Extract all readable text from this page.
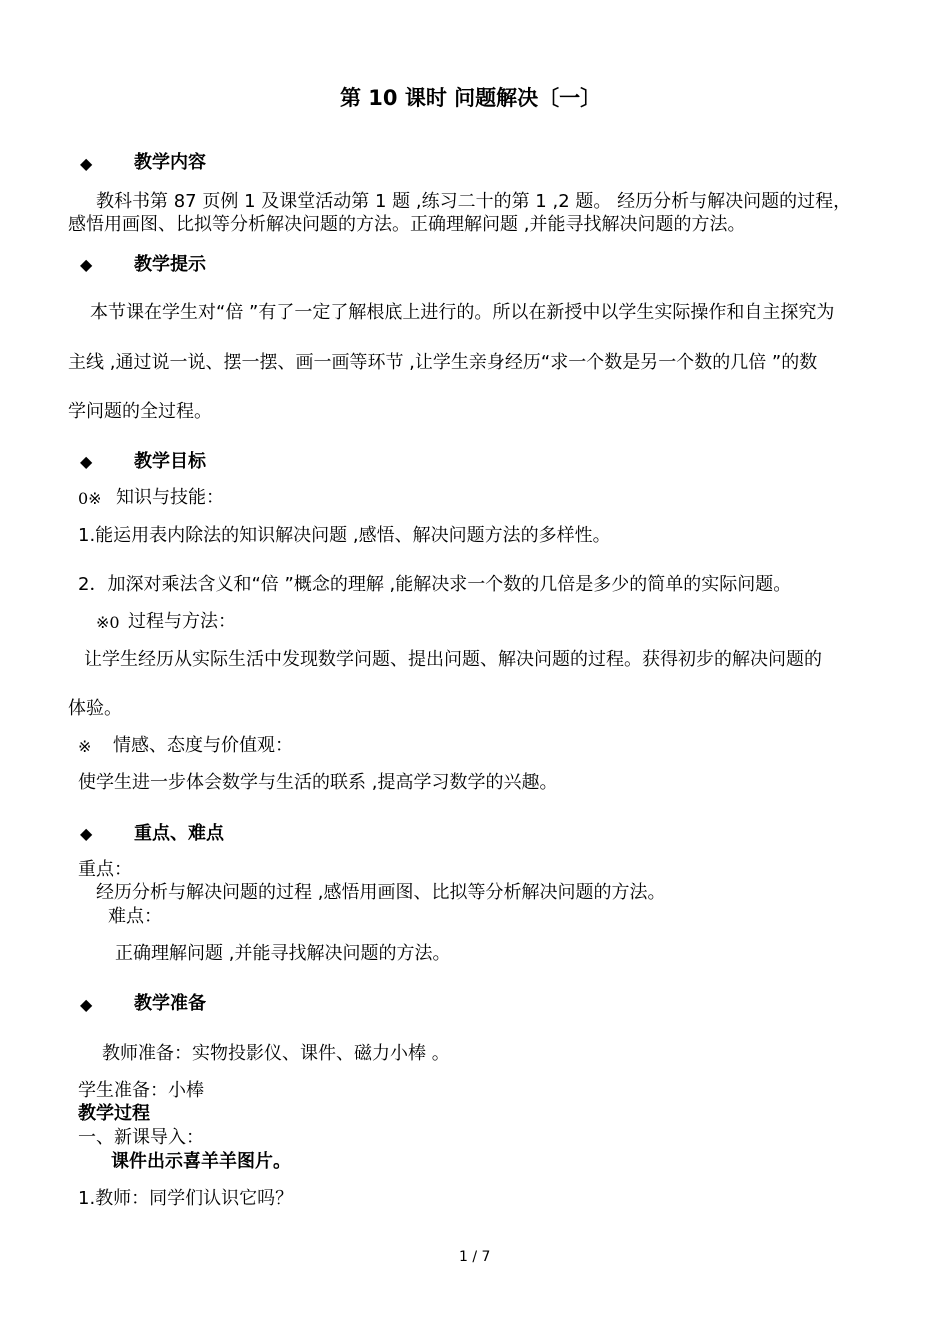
第 10 课时 问题解决〔一〕
◆ 教学内容
教科书第 87 页例 1 及课堂活动第 1 题 ,练习二十的第 1 ,2 题。 经历分析与解决问题的过程，
感悟用画图、比拟等分析解决问题的方法。正确理解问题 ,并能寻找解决问题的方法。
◆ 教学提示
本节课在学生对“倍 ”有了一定了解根底上进行的。所以在新授中以学生实际操作和自主探究为
主线 ,通过说一说、摆一摆、画一画等环节 ,让学生亲身经历“求一个数是另一个数的几倍 ”的数
学问题的全过程。
◆ 教学目标
0※ 知识与技能：
1.能运用表内除法的知识解决问题 ,感悟、解决问题方法的多样性。
2．加深对乘法含义和“倍 ”概念的理解 ,能解决求一个数的几倍是多少的简单的实际问题。
※0 过程与方法：
让学生经历从实际生活中发现数学问题、提出问题、解决问题的过程。获得初步的解决问题的
体验。
※ 情感、态度与价值观：
使学生进一步体会数学与生活的联系 ,提高学习数学的兴趣。
◆ 重点、难点
重点：
经历分析与解决问题的过程 ,感悟用画图、比拟等分析解决问题的方法。
难点：
正确理解问题 ,并能寻找解决问题的方法。
◆ 教学准备
教师准备：实物投影仪、课件、磁力小棒 。
学生准备：小棒
教学过程
一、新课导入：
课件出示喜羊羊图片。
1.教师：同学们认识它吗？
1 / 7
